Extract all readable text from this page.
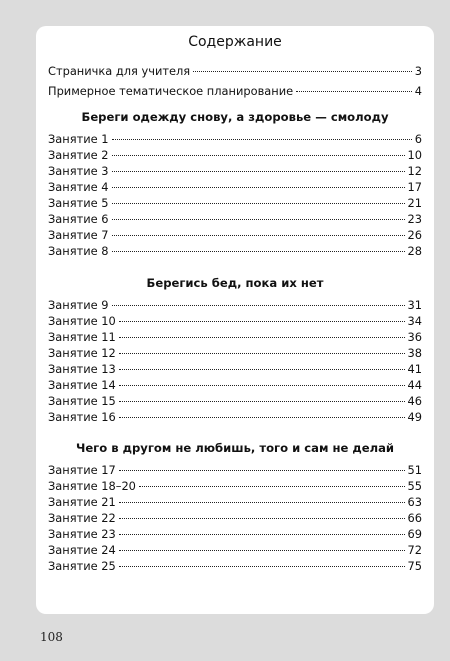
Содержание
Страничка для учителя	3
Примерное тематическое планирование	4
Береги одежду снову, а здоровье — смолоду
Занятие 1	6
Занятие 2	10
Занятие 3	12
Занятие 4	17
Занятие 5	21
Занятие 6	23
Занятие 7	26
Занятие 8	28
Берегись бед, пока их нет
Занятие 9	31
Занятие 10	34
Занятие 11	36
Занятие 12	38
Занятие 13	41
Занятие 14	44
Занятие 15	46
Занятие 16	49
Чего в другом не любишь, того и сам не делай
Занятие 17	51
Занятие 18–20	55
Занятие 21	63
Занятие 22	66
Занятие 23	69
Занятие 24	72
Занятие 25	75
108
